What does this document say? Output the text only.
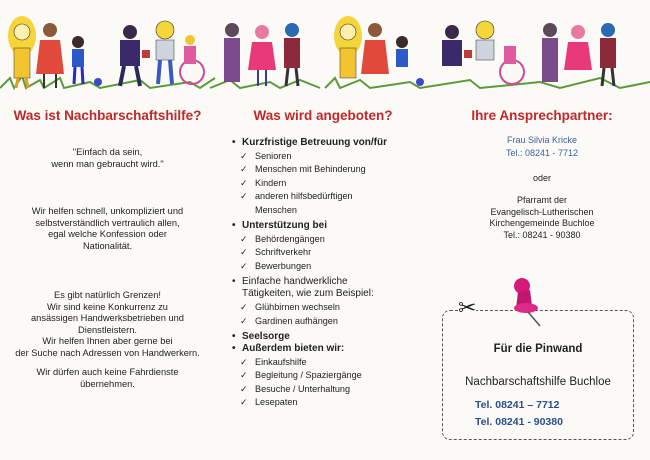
Was ist Nachbarschaftshilfe?
"Einfach da sein,
wenn man gebraucht wird."
Wir helfen schnell, unkompliziert und
selbstverständlich vertraulich allen,
egal welche Konfession oder
Nationalität.
Es gibt natürlich Grenzen!
Wir sind keine Konkurrenz zu
ansässigen Handwerksbetrieben und
Dienstleistern.
Wir helfen Ihnen aber gerne bei
der Suche nach Adressen von Handwerkern.
Wir dürfen auch keine Fahrdienste
übernehmen.
Was wird angeboten?
• Kurzfristige Betreuung von/für
✓ Senioren
✓ Menschen mit Behinderung
✓ Kindern
✓ anderen hilfsbedürftigen
Menschen
• Unterstützung bei
✓ Behördengängen
✓ Schriftverkehr
✓ Bewerbungen
• Einfache handwerkliche
Tätigkeiten, wie zum Beispiel:
✓ Glühbirnen wechseln
✓ Gardinen aufhängen
• Seelsorge
• Außerdem bieten wir:
✓ Einkaufshilfe
✓ Begleitung / Spaziergänge
✓ Besuche / Unterhaltung
✓ Lesepaten
Ihre Ansprechpartner:
Frau Silvia Kricke
Tel.: 08241 - 7712
oder
Pfarramt der
Evangelisch-Lutherischen
Kirchengemeinde Buchloe
Tel.: 08241 - 90380
Für die Pinwand
Nachbarschaftshilfe Buchloe
Tel. 08241 – 7712
Tel. 08241 - 90380
✂
